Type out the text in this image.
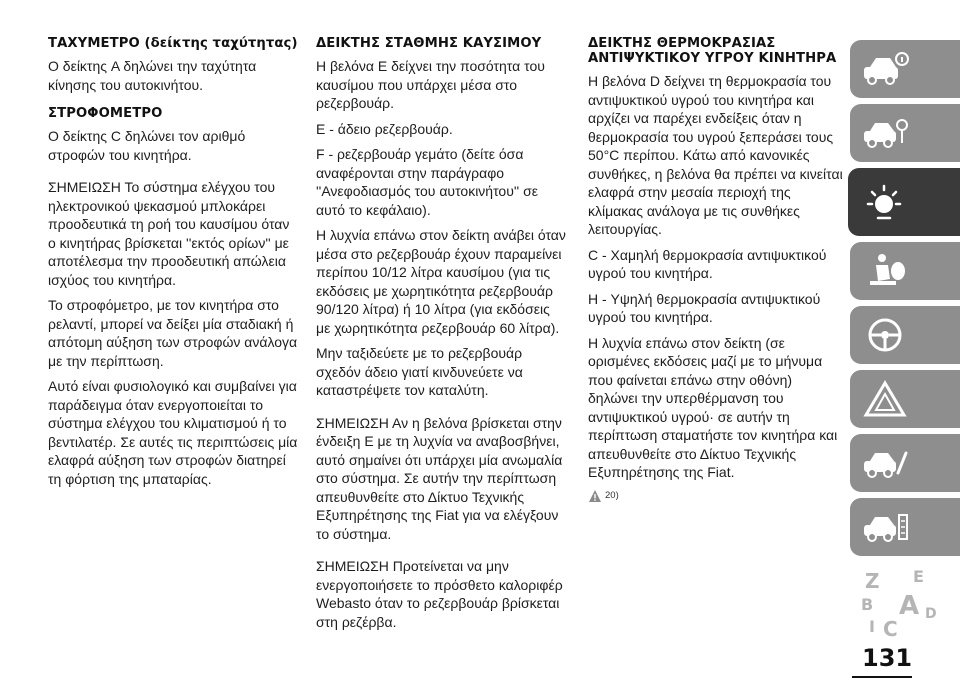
ΤΑΧΥΜΕΤΡΟ (δείκτης ταχύτητας)

Ο δείκτης A δηλώνει την ταχύτητα κίνησης του αυτοκινήτου.

ΣΤΡΟΦΟΜΕΤΡΟ

Ο δείκτης C δηλώνει τον αριθμό στροφών του κινητήρα.

ΣΗΜΕΙΩΣΗ Το σύστημα ελέγχου του ηλεκτρονικού ψεκασμού μπλοκάρει προοδευτικά τη ροή του καυσίμου όταν ο κινητήρας βρίσκεται ''εκτός ορίων'' με αποτέλεσμα την προοδευτική απώλεια ισχύος του κινητήρα.

Το στροφόμετρο, με τον κινητήρα στο ρελαντί, μπορεί να δείξει μία σταδιακή ή απότομη αύξηση των στροφών ανάλογα με την περίπτωση.

Αυτό είναι φυσιολογικό και συμβαίνει για παράδειγμα όταν ενεργοποιείται το σύστημα ελέγχου του κλιματισμού ή το βεντιλατέρ. Σε αυτές τις περιπτώσεις μία ελαφρά αύξηση των στροφών διατηρεί τη φόρτιση της μπαταρίας.

ΔΕΙΚΤΗΣ ΣΤΑΘΜΗΣ ΚΑΥΣΙΜΟΥ

Η βελόνα E δείχνει την ποσότητα του καυσίμου που υπάρχει μέσα στο ρεζερβουάρ.

E - άδειο ρεζερβουάρ.

F - ρεζερβουάρ γεμάτο (δείτε όσα αναφέρονται στην παράγραφο ''Ανεφοδιασμός του αυτοκινήτου'' σε αυτό το κεφάλαιο).

Η λυχνία επάνω στον δείκτη ανάβει όταν μέσα στο ρεζερβουάρ έχουν παραμείνει περίπου 10/12 λίτρα καυσίμου (για τις εκδόσεις με χωρητικότητα ρεζερβουάρ 90/120 λίτρα) ή 10 λίτρα (για εκδόσεις με χωρητικότητα ρεζερβουάρ 60 λίτρα).

Μην ταξιδεύετε με το ρεζερβουάρ σχεδόν άδειο γιατί κινδυνεύετε να καταστρέψετε τον καταλύτη.

ΣΗΜΕΙΩΣΗ Αν η βελόνα βρίσκεται στην ένδειξη E με τη λυχνία να αναβοσβήνει, αυτό σημαίνει ότι υπάρχει μία ανωμαλία στο σύστημα. Σε αυτήν την περίπτωση απευθυνθείτε στο Δίκτυο Τεχνικής Εξυπηρέτησης της Fiat για να ελέγξουν το σύστημα.

ΣΗΜΕΙΩΣΗ Προτείνεται να μην ενεργοποιήσετε το πρόσθετο καλοριφέρ Webasto όταν το ρεζερβουάρ βρίσκεται στη ρεζέρβα.

ΔΕΙΚΤΗΣ ΘΕΡΜΟΚΡΑΣΙΑΣ ΑΝΤΙΨΥΚΤΙΚΟΥ ΥΓΡΟΥ ΚΙΝΗΤΗΡΑ

Η βελόνα D δείχνει τη θερμοκρασία του αντιψυκτικού υγρού του κινητήρα και αρχίζει να παρέχει ενδείξεις όταν η θερμοκρασία του υγρού ξεπεράσει τους 50°C περίπου. Κάτω από κανονικές συνθήκες, η βελόνα θα πρέπει να κινείται ελαφρά στην μεσαία περιοχή της κλίμακας ανάλογα με τις συνθήκες λειτουργίας.

C - Χαμηλή θερμοκρασία αντιψυκτικού υγρού του κινητήρα.

H - Υψηλή θερμοκρασία αντιψυκτικού υγρού του κινητήρα.

Η λυχνία επάνω στον δείκτη (σε ορισμένες εκδόσεις μαζί με το μήνυμα που φαίνεται επάνω στην οθόνη) δηλώνει την υπερθέρμανση του αντιψυκτικού υγρού· σε αυτήν τη περίπτωση σταματήστε τον κινητήρα και απευθυνθείτε στο Δίκτυο Τεχνικής Εξυπηρέτησης της Fiat.

20)
Z E
B A
I C
D
131
